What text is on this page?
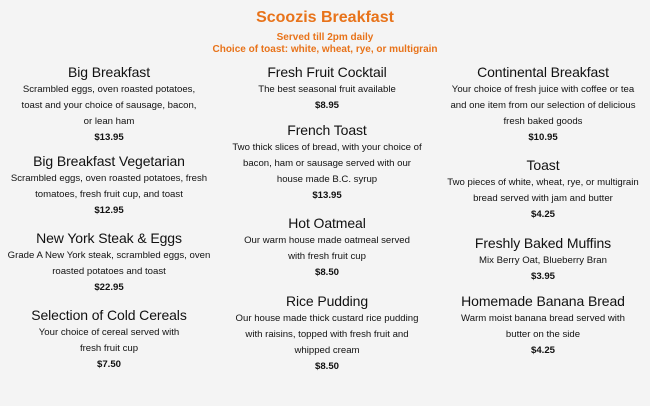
Scoozis Breakfast
Served till 2pm daily
Choice of toast: white, wheat, rye, or multigrain
Big Breakfast
Scrambled eggs, oven roasted potatoes,
toast and your choice of sausage, bacon,
or lean ham
$13.95
Big Breakfast Vegetarian
Scrambled eggs, oven roasted potatoes, fresh
tomatoes, fresh fruit cup, and toast
$12.95
New York Steak & Eggs
Grade A New York steak, scrambled eggs, oven
roasted potatoes and toast
$22.95
Selection of Cold Cereals
Your choice of cereal served with
fresh fruit cup
$7.50
Fresh Fruit Cocktail
The best seasonal fruit available
$8.95
French Toast
Two thick slices of bread, with your choice of
bacon, ham or sausage served with our
house made B.C. syrup
$13.95
Hot Oatmeal
Our warm house made oatmeal served
with fresh fruit cup
$8.50
Rice Pudding
Our house made thick custard rice pudding
with raisins, topped with fresh fruit and
whipped cream
$8.50
Continental Breakfast
Your choice of fresh juice with coffee or tea
and one item from our selection of delicious
fresh baked goods
$10.95
Toast
Two pieces of white, wheat, rye, or multigrain
bread served with jam and butter
$4.25
Freshly Baked Muffins
Mix Berry Oat, Blueberry Bran
$3.95
Homemade Banana Bread
Warm moist banana bread served with
butter on the side
$4.25
